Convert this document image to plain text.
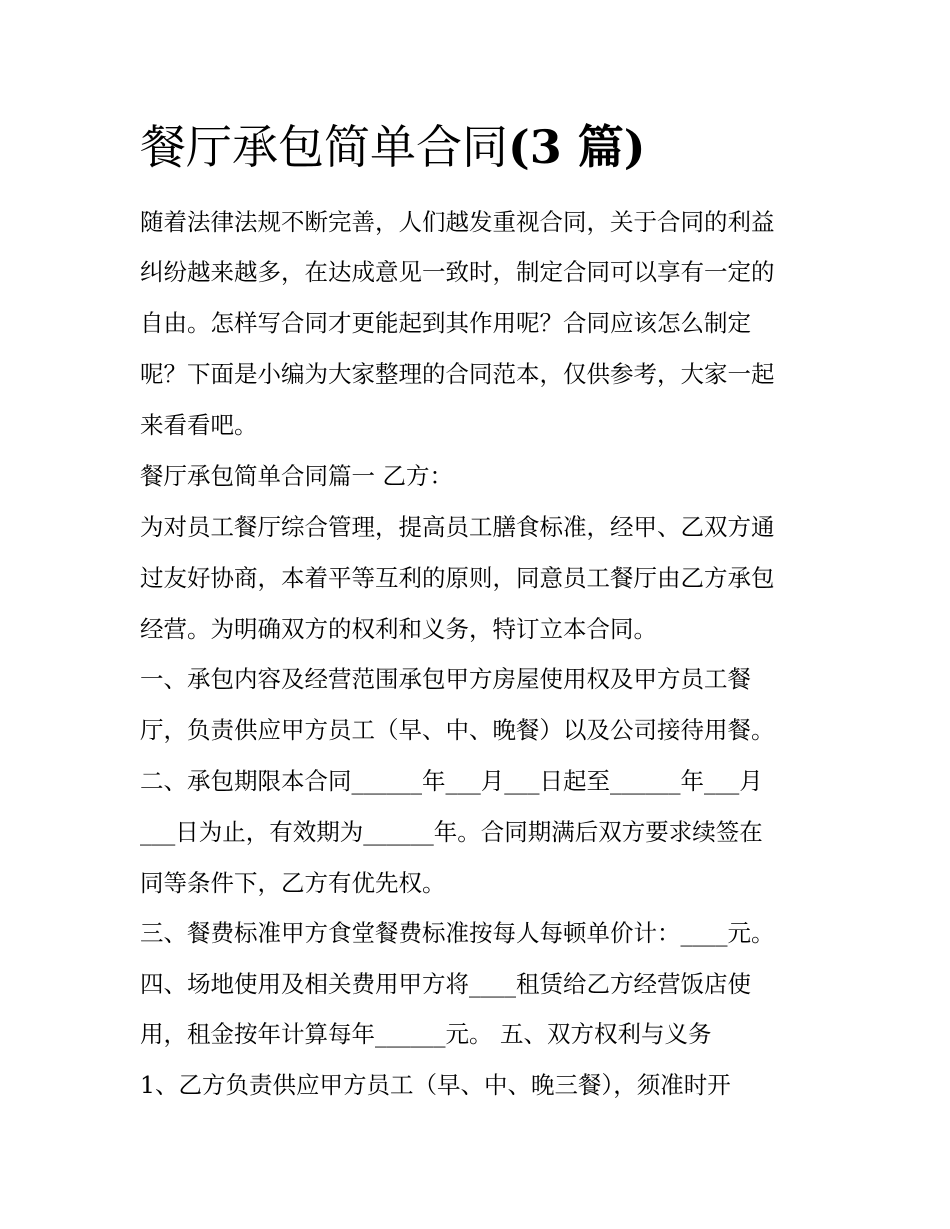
餐厅承包简单合同(3 篇)

随着法律法规不断完善，人们越发重视合同，关于合同的利益

纠纷越来越多，在达成意见一致时，制定合同可以享有一定的

自由。怎样写合同才更能起到其作用呢？合同应该怎么制定

呢？下面是小编为大家整理的合同范本，仅供参考，大家一起

来看看吧。

餐厅承包简单合同篇一 乙方：

为对员工餐厅综合管理，提高员工膳食标准，经甲、乙双方通

过友好协商，本着平等互利的原则，同意员工餐厅由乙方承包

经营。为明确双方的权利和义务，特订立本合同。

一、承包内容及经营范围承包甲方房屋使用权及甲方员工餐

厅，负责供应甲方员工（早、中、晚餐）以及公司接待用餐。

二、承包期限本合同______年___月___日起至______年___月

___日为止，有效期为______年。合同期满后双方要求续签在

同等条件下，乙方有优先权。

三、餐费标准甲方食堂餐费标准按每人每顿单价计：____元。

四、场地使用及相关费用甲方将____租赁给乙方经营饭店使

用，租金按年计算每年______元。 五、双方权利与义务

1、乙方负责供应甲方员工（早、中、晚三餐），须准时开
